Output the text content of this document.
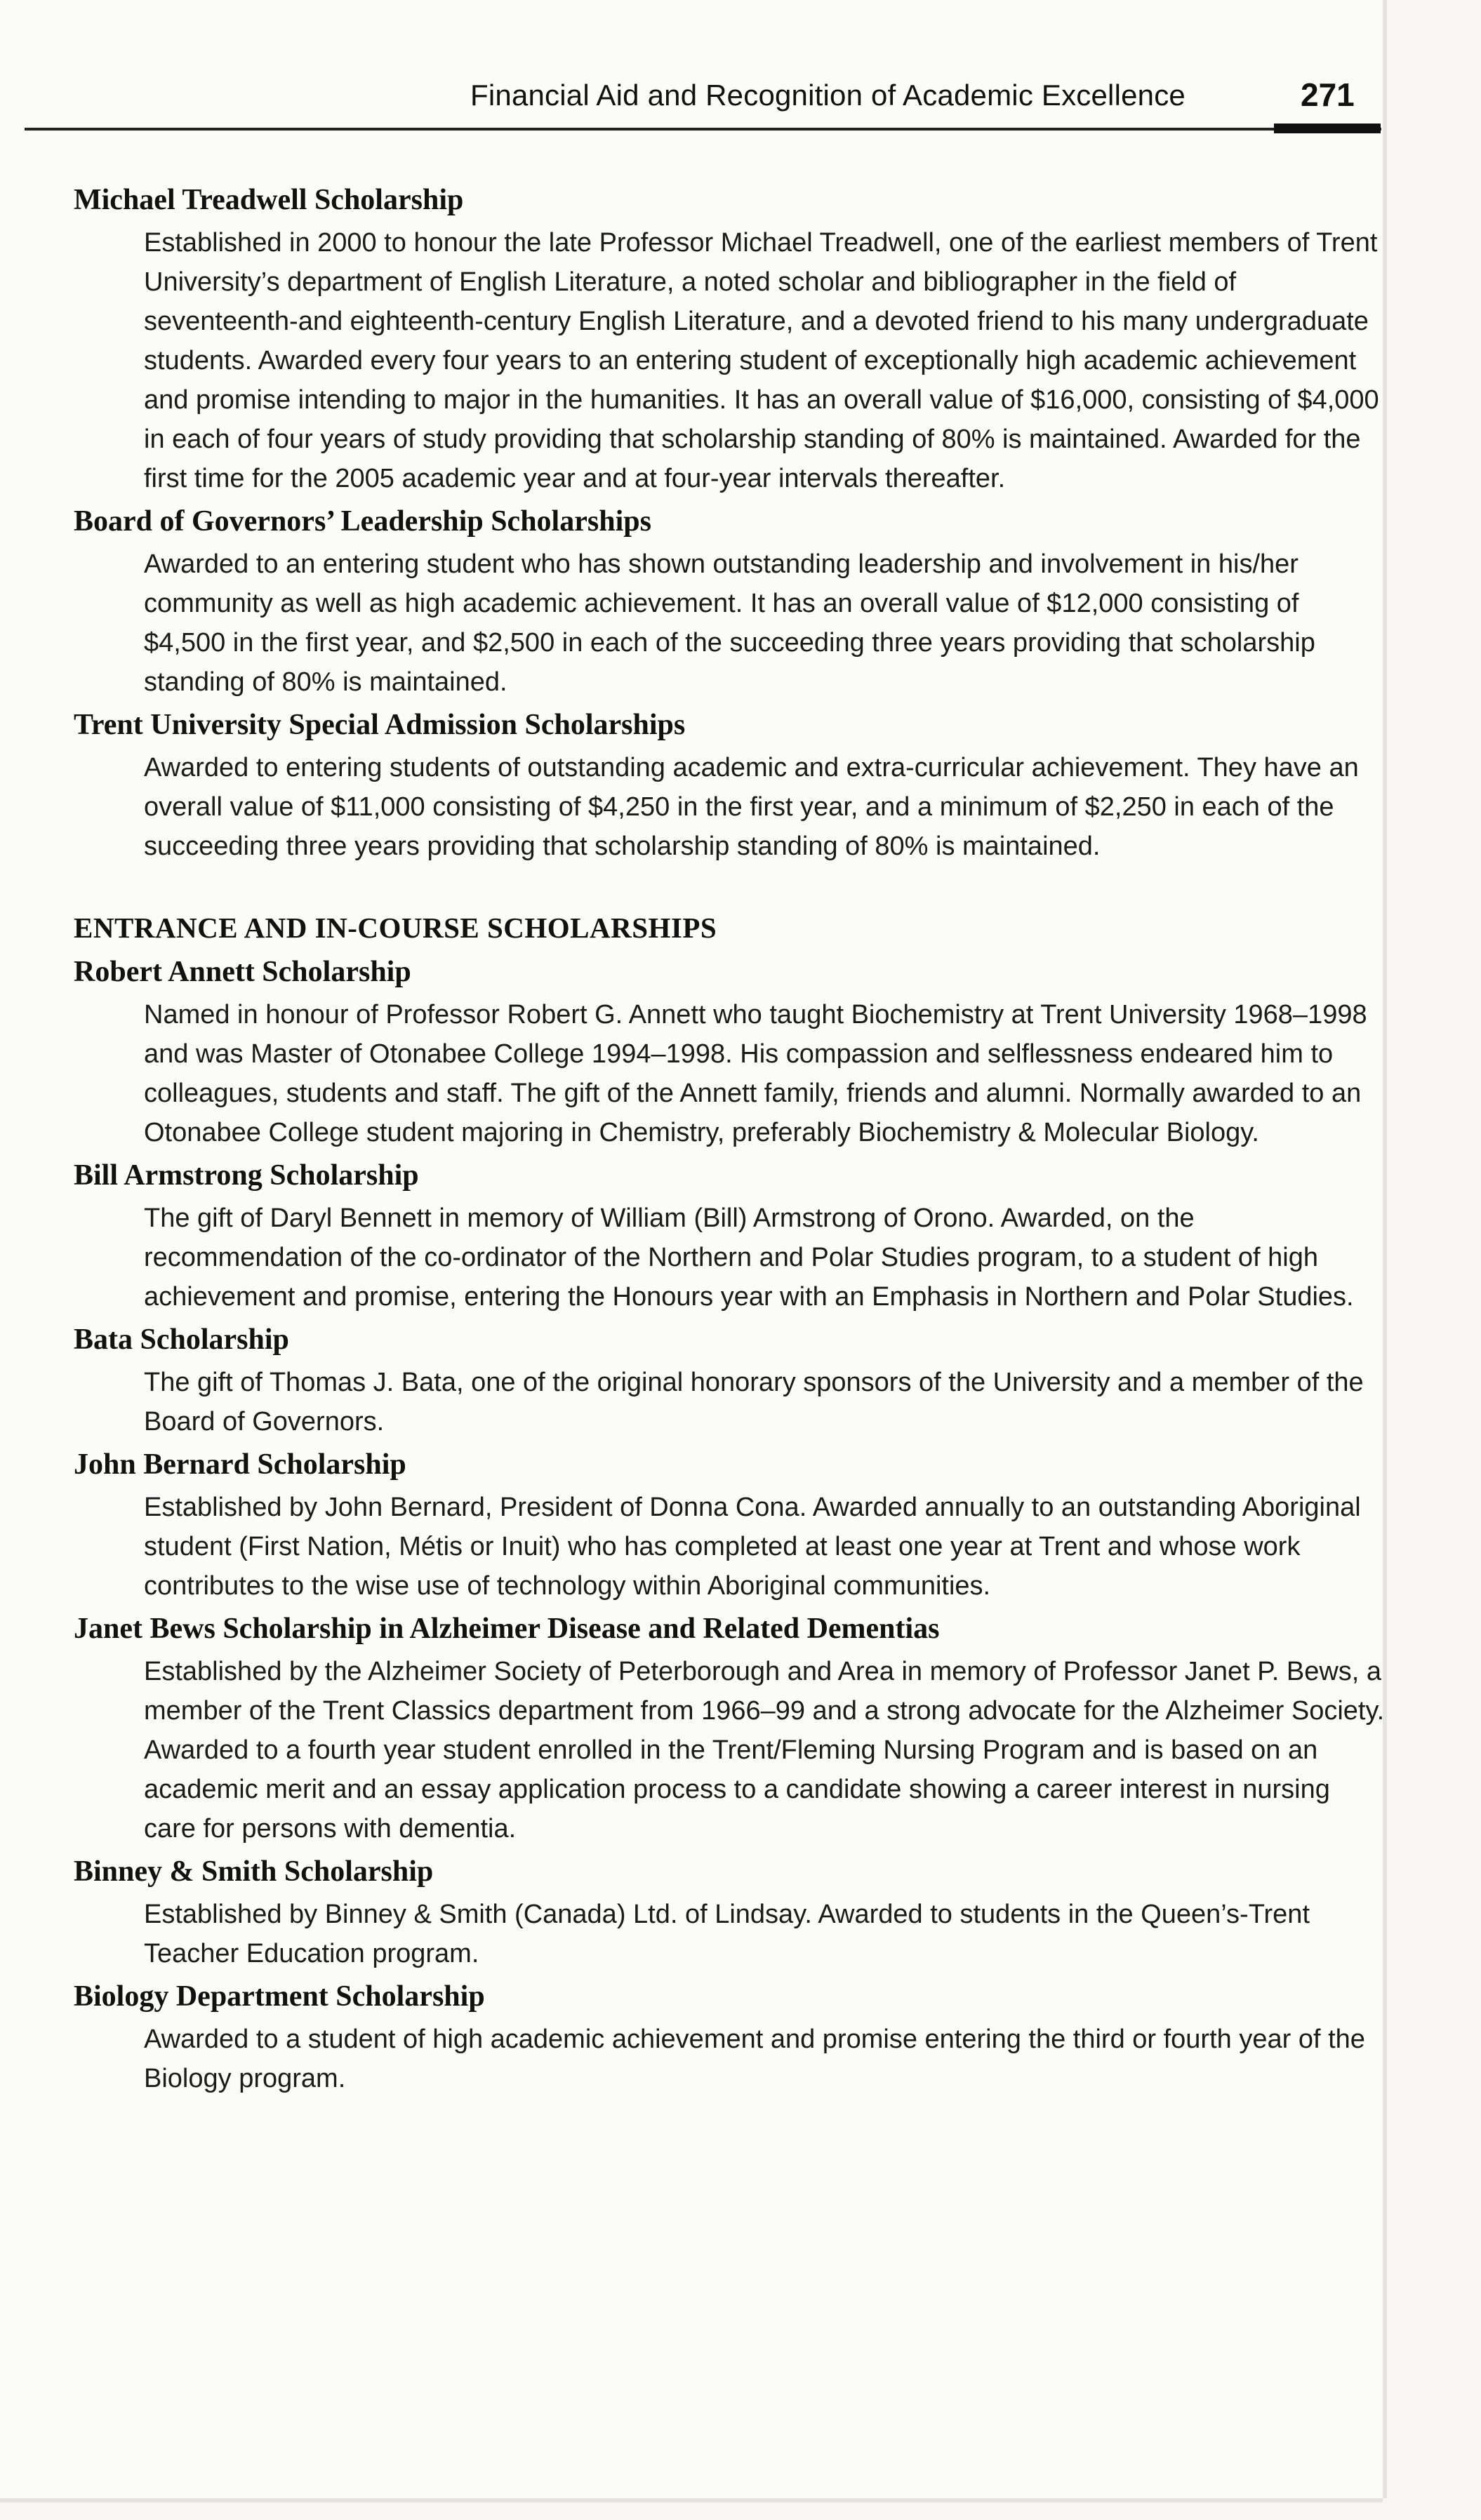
Financial Aid and Recognition of Academic Excellence	271
Michael Treadwell Scholarship
Established in 2000 to honour the late Professor Michael Treadwell, one of the earliest members of Trent University’s department of English Literature, a noted scholar and bibliographer in the field of seventeenth-and eighteenth-century English Literature, and a devoted friend to his many undergraduate students. Awarded every four years to an entering student of exceptionally high academic achievement and promise intending to major in the humanities. It has an overall value of $16,000, consisting of $4,000 in each of four years of study providing that scholarship standing of 80% is maintained. Awarded for the first time for the 2005 academic year and at four-year intervals thereafter.
Board of Governors’ Leadership Scholarships
Awarded to an entering student who has shown outstanding leadership and involvement in his/her community as well as high academic achievement. It has an overall value of $12,000 consisting of $4,500 in the first year, and $2,500 in each of the succeeding three years providing that scholarship standing of 80% is maintained.
Trent University Special Admission Scholarships
Awarded to entering students of outstanding academic and extra-curricular achievement. They have an overall value of $11,000 consisting of $4,250 in the first year, and a minimum of $2,250 in each of the succeeding three years providing that scholarship standing of 80% is maintained.
ENTRANCE AND IN-COURSE SCHOLARSHIPS
Robert Annett Scholarship
Named in honour of Professor Robert G. Annett who taught Biochemistry at Trent University 1968–1998 and was Master of Otonabee College 1994–1998. His compassion and selflessness endeared him to colleagues, students and staff. The gift of the Annett family, friends and alumni. Normally awarded to an Otonabee College student majoring in Chemistry, preferably Biochemistry & Molecular Biology.
Bill Armstrong Scholarship
The gift of Daryl Bennett in memory of William (Bill) Armstrong of Orono. Awarded, on the recommendation of the co-ordinator of the Northern and Polar Studies program, to a student of high achievement and promise, entering the Honours year with an Emphasis in Northern and Polar Studies.
Bata Scholarship
The gift of Thomas J. Bata, one of the original honorary sponsors of the University and a member of the Board of Governors.
John Bernard Scholarship
Established by John Bernard, President of Donna Cona. Awarded annually to an outstanding Aboriginal student (First Nation, Métis or Inuit) who has completed at least one year at Trent and whose work contributes to the wise use of technology within Aboriginal communities.
Janet Bews Scholarship in Alzheimer Disease and Related Dementias
Established by the Alzheimer Society of Peterborough and Area in memory of Professor Janet P. Bews, a member of the Trent Classics department from 1966–99 and a strong advocate for the Alzheimer Society. Awarded to a fourth year student enrolled in the Trent/Fleming Nursing Program and is based on an academic merit and an essay application process to a candidate showing a career interest in nursing care for persons with dementia.
Binney & Smith Scholarship
Established by Binney & Smith (Canada) Ltd. of Lindsay. Awarded to students in the Queen’s-Trent Teacher Education program.
Biology Department Scholarship
Awarded to a student of high academic achievement and promise entering the third or fourth year of the Biology program.
